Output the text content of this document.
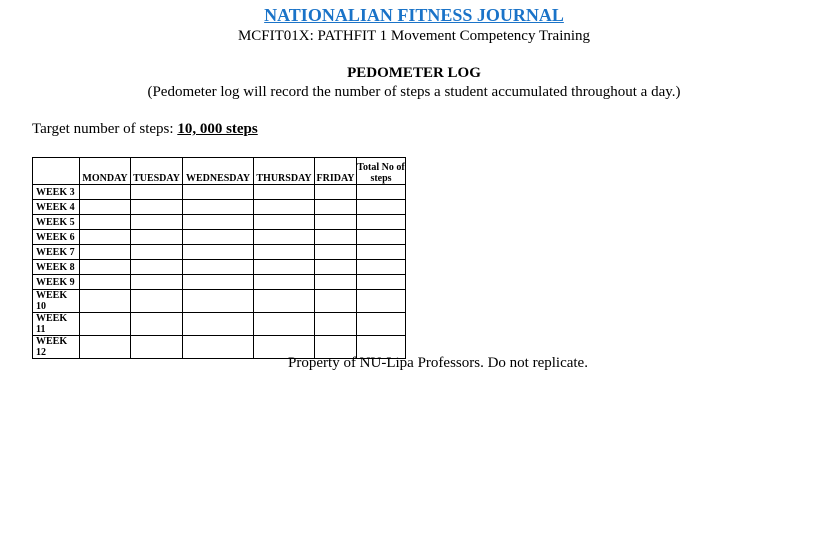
NATIONALIAN FITNESS JOURNAL
MCFIT01X: PATHFIT 1 Movement Competency Training
PEDOMETER LOG
(Pedometer log will record the number of steps a student accumulated throughout a day.)
Target number of steps: 10, 000 steps
	MONDAY	TUESDAY	WEDNESDAY	THURSDAY	FRIDAY	Total No of steps
WEEK 3						
WEEK 4						
WEEK 5						
WEEK 6						
WEEK 7						
WEEK 8						
WEEK 9						
WEEK 10						
WEEK 11						
WEEK 12						
Property of NU-Lipa Professors. Do not replicate.
